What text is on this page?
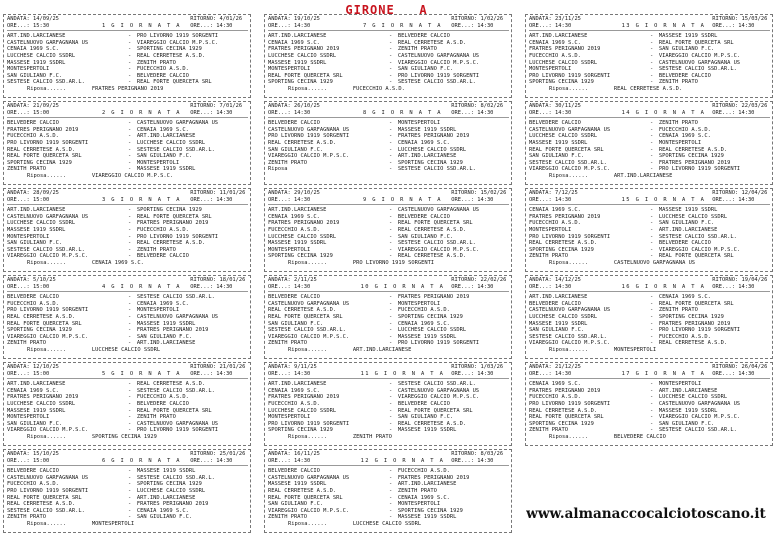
GIRONE   A
ANDATA: 14/09/25	RITORNO: 4/01/26
ORE...: 15:30	1 G I O R N A T A	ORE...: 14:30
ART.IND.LARCIANESE	-	PRO LIVORNO 1919 SORGENTI
CASTELNUOVO GARFAGNANA US	-	VIAREGGIO CALCIO M.P.S.C.
CENAIA 1969 S.C.	-	SPORTING CECINA 1929
LUCCHESE CALCIO SSDRL	-	REAL CERRETESE A.S.D.
MASSESE 1919 SSDRL	-	ZENITH PRATO
MONTESPERTOLI	-	FUCECCHIO A.S.D.
SAN GIULIANO F.C.	-	BELVEDERE CALCIO
SESTESE CALCIO SSD.AR.L.	-	REAL FORTE QUERCETA SRL
Riposa......	FRATRES PERIGNANO 2019
ANDATA: 21/09/25	RITORNO: 7/01/26
ORE...: 15:00	2 G I O R N A T A	ORE...: 14:30
BELVEDERE CALCIO	-	CASTELNUOVO GARFAGNANA US
FRATRES PERIGNANO 2019	-	CENAIA 1969 S.C.
FUCECCHIO A.S.D.	-	ART.IND.LARCIANESE
PRO LIVORNO 1919 SORGENTI	-	LUCCHESE CALCIO SSDRL
REAL CERRETESE A.S.D.	-	SESTESE CALCIO SSD.AR.L.
REAL FORTE QUERCETA SRL	-	SAN GIULIANO F.C.
SPORTING CECINA 1929	-	MONTESPERTOLI
ZENITH PRATO	-	MASSESE 1919 SSDRL
Riposa......	VIAREGGIO CALCIO M.P.S.C.
ANDATA: 28/09/25	RITORNO: 11/01/26
ORE...: 15:00	3 G I O R N A T A	ORE...: 14:30
ART.IND.LARCIANESE	-	SPORTING CECINA 1929
CASTELNUOVO GARFAGNANA US	-	REAL FORTE QUERCETA SRL
LUCCHESE CALCIO SSDRL	-	FRATRES PERIGNANO 2019
MASSESE 1919 SSDRL	-	FUCECCHIO A.S.D.
MONTESPERTOLI	-	PRO LIVORNO 1919 SORGENTI
SAN GIULIANO F.C.	-	REAL CERRETESE A.S.D.
SESTESE CALCIO SSD.AR.L.	-	ZENITH PRATO
VIAREGGIO CALCIO M.P.S.C.	-	BELVEDERE CALCIO
Riposa......	CENAIA 1969 S.C.
ANDATA: 5/10/25	RITORNO: 18/01/26
ORE...: 15:00	4 G I O R N A T A	ORE...: 14:30
BELVEDERE CALCIO	-	SESTESE CALCIO SSD.AR.L.
FUCECCHIO A.S.D.	-	CENAIA 1969 S.C.
PRO LIVORNO 1919 SORGENTI	-	MONTESPERTOLI
REAL CERRETESE A.S.D.	-	CASTELNUOVO GARFAGNANA US
REAL FORTE QUERCETA SRL	-	MASSESE 1919 SSDRL
SPORTING CECINA 1929	-	FRATRES PERIGNANO 2019
VIAREGGIO CALCIO M.P.S.C.	-	SAN GIULIANO F.C.
ZENITH PRATO	-	ART.IND.LARCIANESE
Riposa......	LUCCHESE CALCIO SSDRL
ANDATA: 12/10/25	RITORNO: 21/01/26
ORE...: 15:00	5 G I O R N A T A	ORE...: 14:30
ART.IND.LARCIANESE	-	REAL CERRETESE A.S.D.
CENAIA 1969 S.C.	-	SESTESE CALCIO SSD.AR.L.
FRATRES PERIGNANO 2019	-	FUCECCHIO A.S.D.
LUCCHESE CALCIO SSDRL	-	BELVEDERE CALCIO
MASSESE 1919 SSDRL	-	REAL FORTE QUERCETA SRL
MONTESPERTOLI	-	ZENITH PRATO
SAN GIULIANO F.C.	-	CASTELNUOVO GARFAGNANA US
VIAREGGIO CALCIO M.P.S.C.	-	PRO LIVORNO 1919 SORGENTI
Riposa......	SPORTING CECINA 1929
ANDATA: 15/10/25	RITORNO: 25/01/26
ORE...: 15:00	6 G I O R N A T A	ORE...: 14:30
BELVEDERE CALCIO	-	MASSESE 1919 SSDRL
CASTELNUOVO GARFAGNANA US	-	SESTESE CALCIO SSD.AR.L.
FUCECCHIO A.S.D.	-	SPORTING CECINA 1929
PRO LIVORNO 1919 SORGENTI	-	LUCCHESE CALCIO SSDRL
REAL FORTE QUERCETA SRL	-	ART.IND.LARCIANESE
REAL CERRETESE A.S.D.	-	FRATRES PERIGNANO 2019
SESTESE CALCIO SSD.AR.L.	-	CENAIA 1969 S.C.
ZENITH PRATO	-	SAN GIULIANO F.C.
Riposa......	MONTESPERTOLI
ANDATA: 19/10/25	RITORNO: 1/02/26
ORE...: 14:30	7 G I O R N A T A	ORE...: 14:30
ART.IND.LARCIANESE	-	BELVEDERE CALCIO
CENAIA 1969 S.C.	-	REAL CERRETESE A.S.D.
FRATRES PERIGNANO 2019	-	ZENITH PRATO
LUCCHESE CALCIO SSDRL	-	CASTELNUOVO GARFAGNANA US
MASSESE 1919 SSDRL	-	VIAREGGIO CALCIO M.P.S.C.
MONTESPERTOLI	-	SAN GIULIANO F.C.
REAL FORTE QUERCETA SRL	-	PRO LIVORNO 1919 SORGENTI
SPORTING CECINA 1929	-	SESTESE CALCIO SSD.AR.L.
Riposa......	FUCECCHIO A.S.D.
ANDATA: 26/10/25	RITORNO: 8/02/26
ORE...: 14:30	8 G I O R N A T A	ORE...: 14:30
BELVEDERE CALCIO	-	MONTESPERTOLI
CASTELNUOVO GARFAGNANA US	-	MASSESE 1919 SSDRL
PRO LIVORNO 1919 SORGENTI	-	FRATRES PERIGNANO 2019
REAL CERRETESE A.S.D.	-	CENAIA 1969 S.C.
SAN GIULIANO F.C.	-	LUCCHESE CALCIO SSDRL
VIAREGGIO CALCIO M.P.S.C.	-	ART.IND.LARCIANESE
ZENITH PRATO	-	SPORTING CECINA 1929
Riposa	-	SESTESE CALCIO SSD.AR.L.
ANDATA: 29/10/25	RITORNO: 15/02/26
ORE...: 14:30	9 G I O R N A T A	ORE...: 14:30
ART.IND.LARCIANESE	-	CASTELNUOVO GARFAGNANA US
CENAIA 1969 S.C.	-	BELVEDERE CALCIO
FRATRES PERIGNANO 2019	-	REAL FORTE QUERCETA SRL
FUCECCHIO A.S.D.	-	REAL CERRETESE A.S.D.
LUCCHESE CALCIO SSDRL	-	SAN GIULIANO F.C.
MASSESE 1919 SSDRL	-	SESTESE CALCIO SSD.AR.L.
MONTESPERTOLI	-	VIAREGGIO CALCIO M.P.S.C.
SPORTING CECINA 1929	-	REAL CERRETESE A.S.D.
Riposa......	PRO LIVORNO 1919 SORGENTI
ANDATA: 2/11/25	RITORNO: 22/02/26
ORE...: 14:30	10 G I O R N A T A	ORE...: 14:30
BELVEDERE CALCIO	-	FRATRES PERIGNANO 2019
CASTELNUOVO GARFAGNANA US	-	MONTESPERTOLI
REAL CERRETESE A.S.D.	-	FUCECCHIO A.S.D.
REAL FORTE QUERCETA SRL	-	SPORTING CECINA 1929
SAN GIULIANO F.C.	-	CENAIA 1969 S.C.
SESTESE CALCIO SSD.AR.L.	-	LUCCHESE CALCIO SSDRL
VIAREGGIO CALCIO M.P.S.C.	-	MASSESE 1919 SSDRL
ZENITH PRATO	-	PRO LIVORNO 1919 SORGENTI
Riposa......	ART.IND.LARCIANESE
ANDATA: 9/11/25	RITORNO: 1/03/26
ORE...: 14:30	11 G I O R N A T A	ORE...: 14:30
ART.IND.LARCIANESE	-	SESTESE CALCIO SSD.AR.L.
CENAIA 1969 S.C.	-	CASTELNUOVO GARFAGNANA US
FRATRES PERIGNANO 2019	-	VIAREGGIO CALCIO M.P.S.C.
FUCECCHIO A.S.D.	-	BELVEDERE CALCIO
LUCCHESE CALCIO SSDRL	-	REAL FORTE QUERCETA SRL
MONTESPERTOLI	-	SAN GIULIANO F.C.
PRO LIVORNO 1919 SORGENTI	-	REAL CERRETESE A.S.D.
SPORTING CECINA 1929	-	MASSESE 1919 SSDRL
Riposa......	ZENITH PRATO
ANDATA: 16/11/25	RITORNO: 8/03/26
ORE...: 14:30	12 G I O R N A T A	ORE...: 14:30
BELVEDERE CALCIO	-	FUCECCHIO A.S.D.
CASTELNUOVO GARFAGNANA US	-	FRATRES PERIGNANO 2019
MASSESE 1919 SSDRL	-	ART.IND.LARCIANESE
REAL CERRETESE A.S.D.	-	ZENITH PRATO
REAL FORTE QUERCETA SRL	-	CENAIA 1969 S.C.
SAN GIULIANO F.C.	-	MONTESPERTOLI
VIAREGGIO CALCIO M.P.S.C.	-	SPORTING CECINA 1929
ZENITH PRATO	-	MASSESE 1919 SSDRL
Riposa......	LUCCHESE CALCIO SSDRL
ANDATA: 23/11/25	RITORNO: 15/03/26
ORE...: 14:30	13 G I O R N A T A	ORE...: 14:30
ART.IND.LARCIANESE	-	MASSESE 1919 SSDRL
CENAIA 1969 S.C.	-	REAL FORTE QUERCETA SRL
FRATRES PERIGNANO 2019	-	SAN GIULIANO F.C.
FUCECCHIO A.S.D.	-	VIAREGGIO CALCIO M.P.S.C.
LUCCHESE CALCIO SSDRL	-	CASTELNUOVO GARFAGNANA US
MONTESPERTOLI	-	SESTESE CALCIO SSD.AR.L.
PRO LIVORNO 1919 SORGENTI	-	BELVEDERE CALCIO
SPORTING CECINA 1929	-	ZENITH PRATO
Riposa......	REAL CERRETESE A.S.D.
ANDATA: 30/11/25	RITORNO: 22/03/26
ORE...: 14:30	14 G I O R N A T A	ORE...: 14:30
BELVEDERE CALCIO	-	ZENITH PRATO
CASTELNUOVO GARFAGNANA US	-	FUCECCHIO A.S.D.
LUCCHESE CALCIO SSDRL	-	CENAIA 1969 S.C.
MASSESE 1919 SSDRL	-	MONTESPERTOLI
REAL FORTE QUERCETA SRL	-	REAL CERRETESE A.S.D.
SAN GIULIANO F.C.	-	SPORTING CECINA 1929
SESTESE CALCIO SSD.AR.L.	-	FRATRES PERIGNANO 2019
VIAREGGIO CALCIO M.P.S.C.	-	PRO LIVORNO 1919 SORGENTI
Riposa......	ART.IND.LARCIANESE
ANDATA: 7/12/25	RITORNO: 12/04/26
ORE...: 14:30	15 G I O R N A T A	ORE...: 14:30
CENAIA 1969 S.C.	-	MASSESE 1919 SSDRL
FRATRES PERIGNANO 2019	-	LUCCHESE CALCIO SSDRL
FUCECCHIO A.S.D.	-	SAN GIULIANO F.C.
MONTESPERTOLI	-	ART.IND.LARCIANESE
PRO LIVORNO 1919 SORGENTI	-	SESTESE CALCIO SSD.AR.L.
REAL CERRETESE A.S.D.	-	BELVEDERE CALCIO
SPORTING CECINA 1929	-	VIAREGGIO CALCIO M.P.S.C.
ZENITH PRATO	-	REAL FORTE QUERCETA SRL
Riposa......	CASTELNUOVO GARFAGNANA US
ANDATA: 14/12/25	RITORNO: 19/04/26
ORE...: 14:30	16 G I O R N A T A	ORE...: 14:30
ART.IND.LARCIANESE	-	CENAIA 1969 S.C.
BELVEDERE CALCIO	-	REAL FORTE QUERCETA SRL
CASTELNUOVO GARFAGNANA US	-	ZENITH PRATO
LUCCHESE CALCIO SSDRL	-	SPORTING CECINA 1929
MASSESE 1919 SSDRL	-	FRATRES PERIGNANO 2019
SAN GIULIANO F.C.	-	PRO LIVORNO 1919 SORGENTI
SESTESE CALCIO SSD.AR.L.	-	FUCECCHIO A.S.D.
VIAREGGIO CALCIO M.P.S.C.	-	REAL CERRETESE A.S.D.
Riposa......	MONTESPERTOLI
ANDATA: 21/12/25	RITORNO: 26/04/26
ORE...: 14:30	17 G I O R N A T A	ORE...: 14:30
CENAIA 1969 S.C.	-	MONTESPERTOLI
FRATRES PERIGNANO 2019	-	ART.IND.LARCIANESE
FUCECCHIO A.S.D.	-	LUCCHESE CALCIO SSDRL
PRO LIVORNO 1919 SORGENTI	-	CASTELNUOVO GARFAGNANA US
REAL CERRETESE A.S.D.	-	MASSESE 1919 SSDRL
REAL FORTE QUERCETA SRL	-	VIAREGGIO CALCIO M.P.S.C.
SPORTING CECINA 1929	-	SAN GIULIANO F.C.
ZENITH PRATO	-	SESTESE CALCIO SSD.AR.L.
Riposa......	BELVEDERE CALCIO
www.almanaccocalciotoscano.it
